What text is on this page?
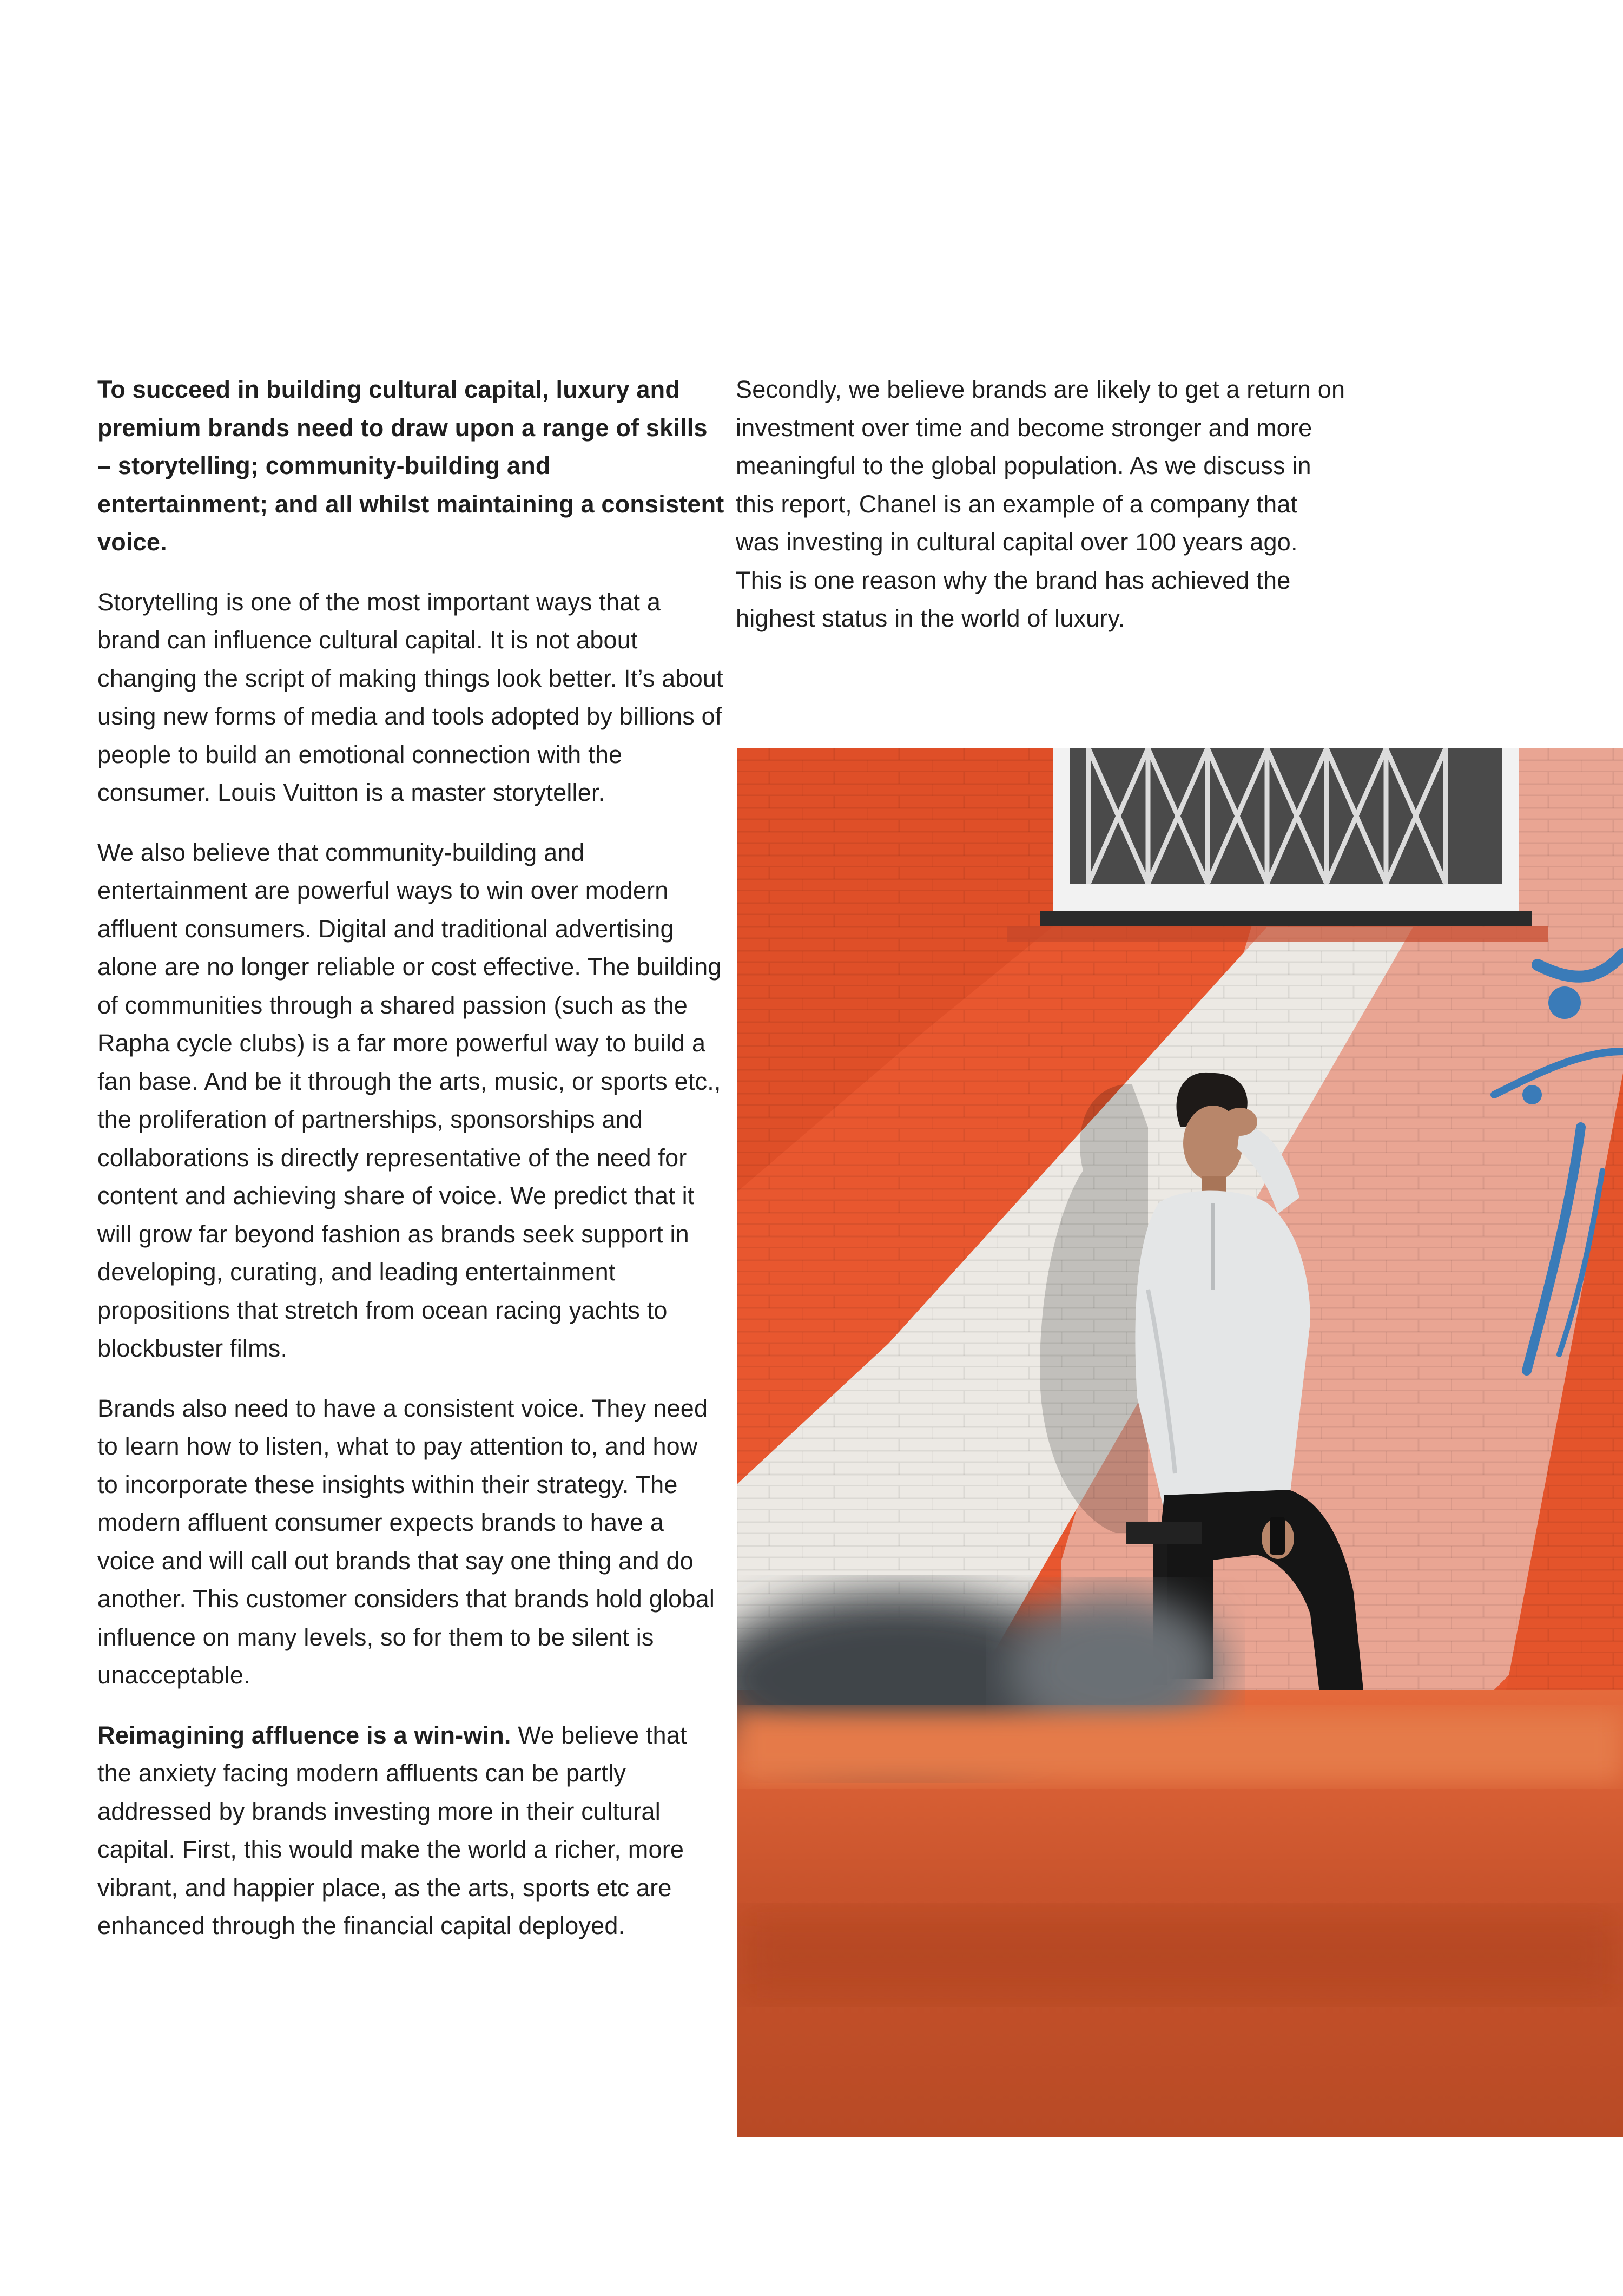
To succeed in building cultural capital, luxury and premium brands need to draw upon a range of skills – storytelling; community-building and entertainment; and all whilst maintaining a consistent voice.

Storytelling is one of the most important ways that a brand can influence cultural capital. It is not about changing the script of making things look better. It’s about using new forms of media and tools adopted by billions of people to build an emotional connection with the consumer. Louis Vuitton is a master storyteller.

We also believe that community-building and entertainment are powerful ways to win over modern affluent consumers. Digital and traditional advertising alone are no longer reliable or cost effective. The building of communities through a shared passion (such as the Rapha cycle clubs) is a far more powerful way to build a fan base. And be it through the arts, music, or sports etc., the proliferation of partnerships, sponsorships and collaborations is directly representative of the need for content and achieving share of voice. We predict that it will grow far beyond fashion as brands seek support in developing, curating, and leading entertainment propositions that stretch from ocean racing yachts to blockbuster films.

Brands also need to have a consistent voice. They need to learn how to listen, what to pay attention to, and how to incorporate these insights within their strategy. The modern affluent consumer expects brands to have a voice and will call out brands that say one thing and do another. This customer considers that brands hold global influence on many levels, so for them to be silent is unacceptable.

Reimagining affluence is a win-win. We believe that the anxiety facing modern affluents can be partly addressed by brands investing more in their cultural capital. First, this would make the world a richer, more vibrant, and happier place, as the arts, sports etc are enhanced through the financial capital deployed.

Secondly, we believe brands are likely to get a return on investment over time and become stronger and more meaningful to the global population. As we discuss in this report, Chanel is an example of a company that was investing in cultural capital over 100 years ago. This is one reason why the brand has achieved the highest status in the world of luxury.
